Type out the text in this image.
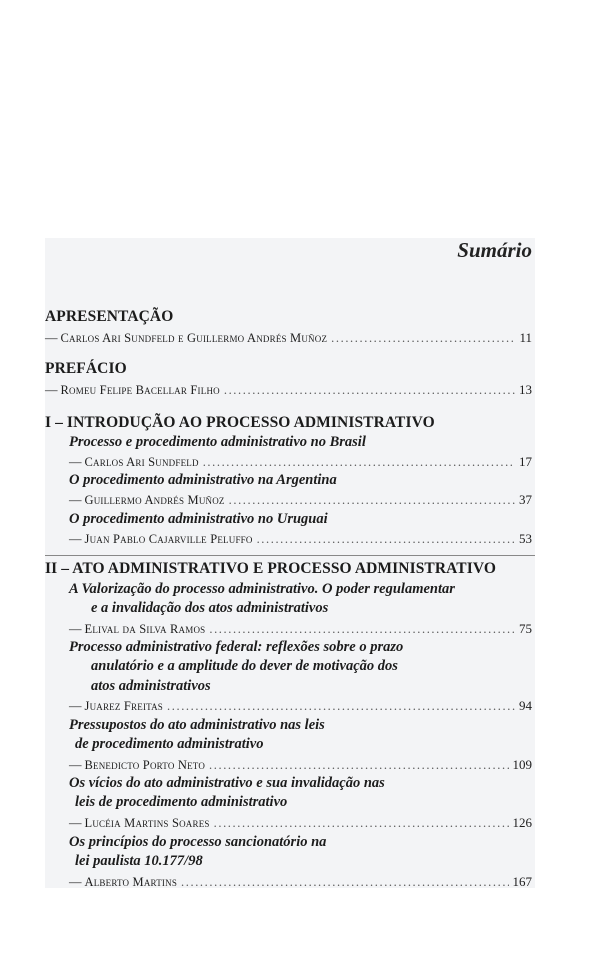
Sumário
APRESENTAÇÃO
— Carlos Ari Sundfeld e Guillermo Andrés Muñoz .....	11
PREFÁCIO
— Romeu Felipe Bacellar Filho .....	13
I – INTRODUÇÃO AO PROCESSO ADMINISTRATIVO
Processo e procedimento administrativo no Brasil
— Carlos Ari Sundfeld .....	17
O procedimento administrativo na Argentina
— Guillermo Andrés Muñoz .....	37
O procedimento administrativo no Uruguai
— Juan Pablo Cajarville Peluffo .....	53
II – ATO ADMINISTRATIVO E PROCESSO ADMINISTRATIVO
A Valorização do processo administrativo. O poder regulamentar
e a invalidação dos atos administrativos
— Elival da Silva Ramos .....	75
Processo administrativo federal: reflexões sobre o prazo
anulatório e a amplitude do dever de motivação dos
atos administrativos
— Juarez Freitas .....	94
Pressupostos do ato administrativo nas leis
de procedimento administrativo
— Benedicto Porto Neto .....	109
Os vícios do ato administrativo e sua invalidação nas
leis de procedimento administrativo
— Lucéia Martins Soares .....	126
Os princípios do processo sancionatório na
lei paulista 10.177/98
— Alberto Martins .....	167
